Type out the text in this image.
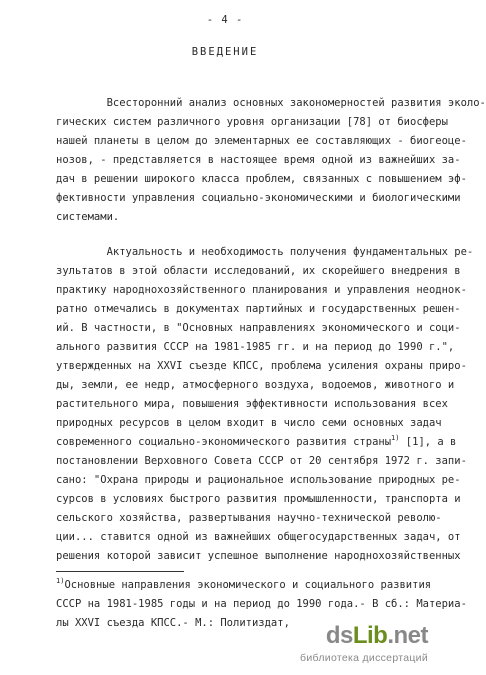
- 4 -
ВВЕДЕНИЕ
Всесторонний анализ основных закономерностей развития эколо-
гических систем различного уровня организации [78] от биосферы
нашей планеты в целом до элементарных ее составляющих - биогеоце-
нозов, - представляется в настоящее время одной из важнейших за-
дач в решении широкого класса проблем, связанных с повышением эф-
фективности управления социально-экономическими и биологическими
системами.
Актуальность и необходимость получения фундаментальных ре-
зультатов в этой области исследований, их скорейшего внедрения в
практику народнохозяйственного планирования и управления неоднок-
ратно отмечались в документах партийных и государственных решен-
ий. В частности, в "Основных направлениях экономического и соци-
ального развития СССР на 1981-1985 гг. и на период до 1990 г.",
утвержденных на XXVI съезде КПСС, проблема усиления охраны приро-
ды, земли, ее недр, атмосферного воздуха, водоемов, животного и
растительного мира, повышения эффективности использования всех
природных ресурсов в целом входит в число семи основных задач
современного социально-экономического развития страны$^{1)}$ [1], а в
постановлении Верховного Совета СССР от 20 сентября 1972 г. запи-
сано: "Охрана природы и рациональное использование природных ре-
сурсов в условиях быстрого развития промышленности, транспорта и
сельского хозяйства, развертывания научно-технической револю-
ции... ставится одной из важнейших общегосударственных задач, от
решения которой зависит успешное выполнение народнохозяйственных
$^{1)}$Основные направления экономического и социального развития
СССР на 1981-1985 годы и на период до 1990 года.- В сб.: Материа-
лы XXVI съезда КПСС.- М.: Политиздат,	dsLib.net
библиотека диссертаций
